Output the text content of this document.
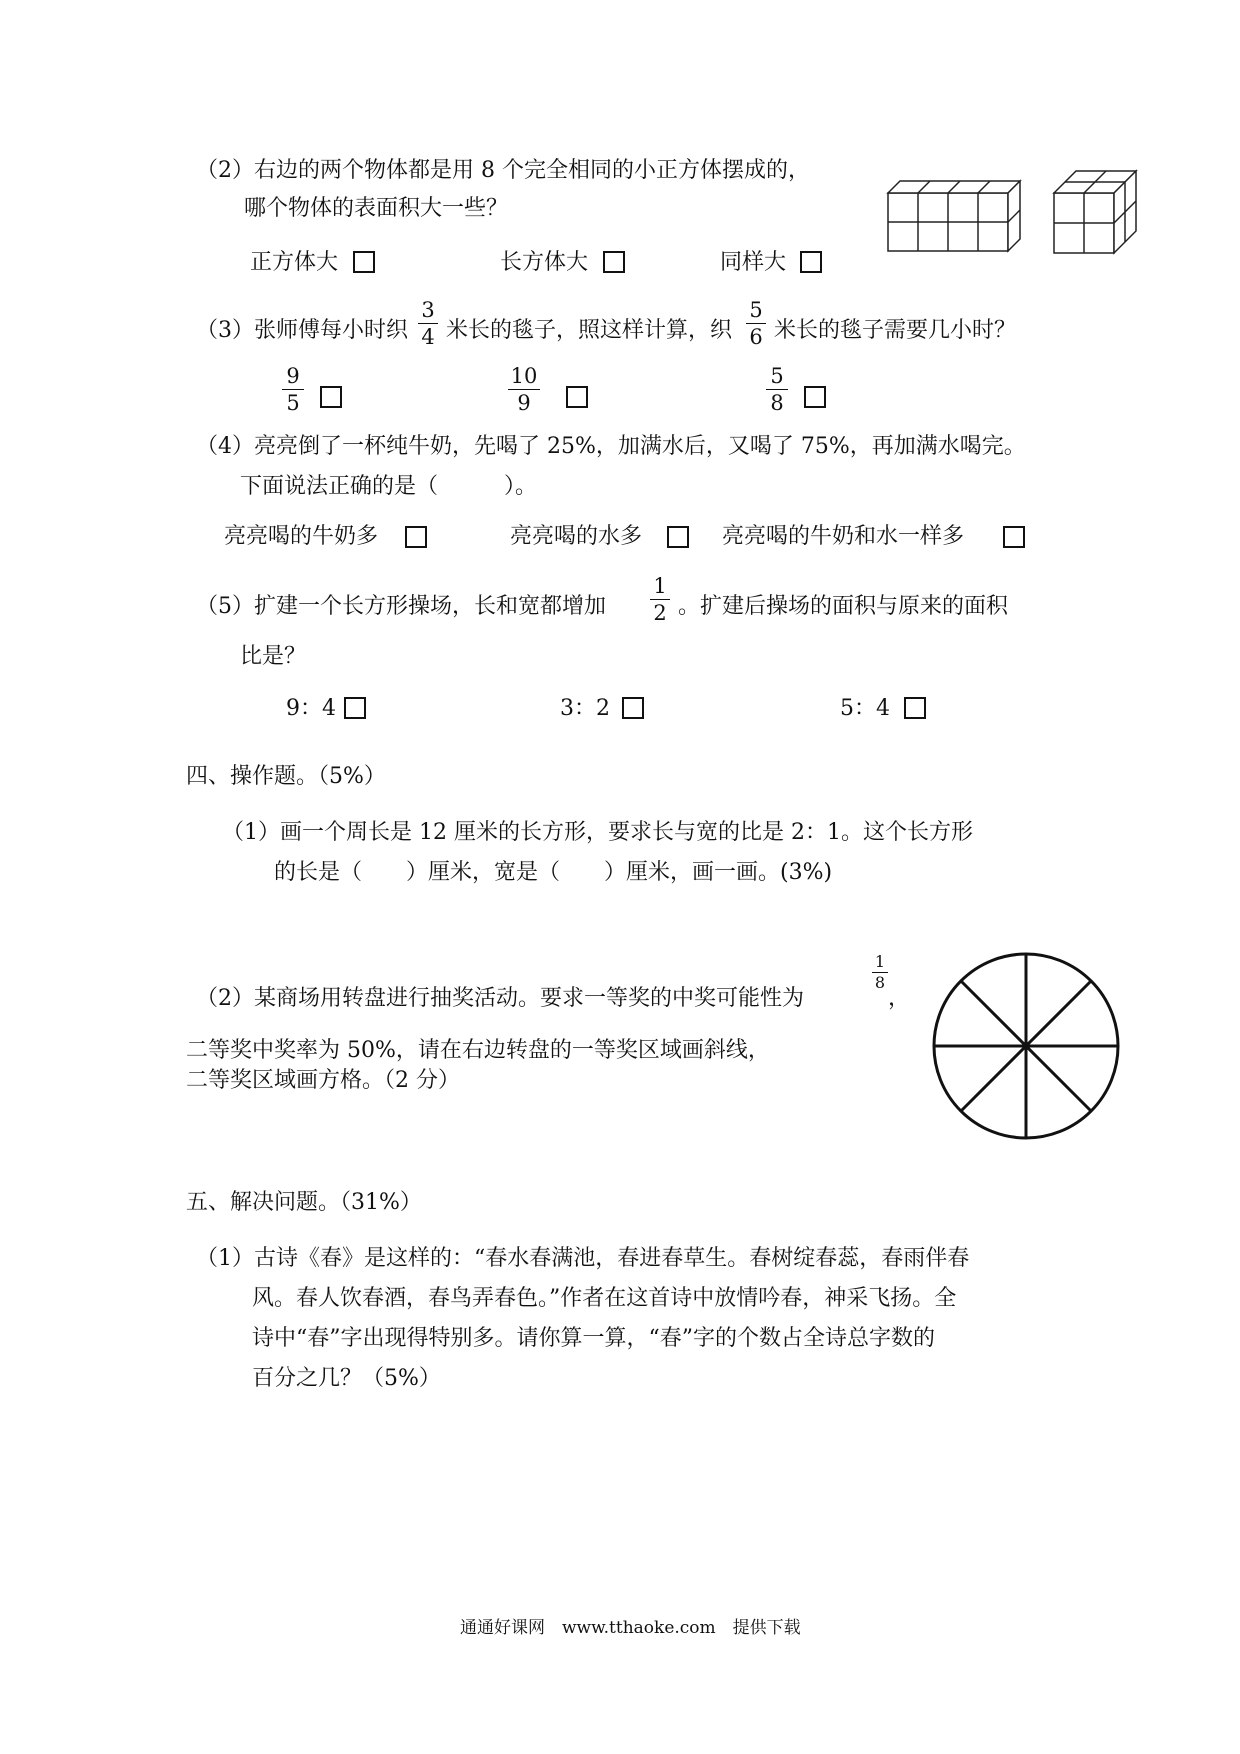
（2）右边的两个物体都是用 8 个完全相同的小正方体摆成的，
哪个物体的表面积大一些？
正方体大	长方体大	同样大
（3）张师傅每小时织 $\frac{3}{4}$ 米长的毯子，照这样计算，织 $\frac{5}{6}$ 米长的毯子需要几小时？
$\frac{9}{5}$	$\frac{10}{9}$	$\frac{5}{8}$
（4）亮亮倒了一杯纯牛奶，先喝了 25%，加满水后，又喝了 75%，再加满水喝完。
下面说法正确的是（　　　）。
亮亮喝的牛奶多	亮亮喝的水多	亮亮喝的牛奶和水一样多
（5）扩建一个长方形操场，长和宽都增加 $\frac{1}{2}$ 。扩建后操场的面积与原来的面积
比是？
9：4	3：2	5：4
四、操作题。（5%）
（1）画一个周长是 12 厘米的长方形，要求长与宽的比是 2：1。这个长方形
的长是（　　）厘米，宽是（　　）厘米，画一画。(3%)
（2）某商场用转盘进行抽奖活动。要求一等奖的中奖可能性为
$\frac{1}{8}$
，
二等奖中奖率为 50%，请在右边转盘的一等奖区域画斜线，
二等奖区域画方格。（2 分）
五、解决问题。（31%）
（1）古诗《春》是这样的：“春水春满池，春进春草生。春树绽春蕊，春雨伴春
风。春人饮春酒，春鸟弄春色。”作者在这首诗中放情吟春，神采飞扬。全
诗中“春”字出现得特别多。请你算一算，“春”字的个数占全诗总字数的
百分之几？（5%）
通通好课网　www.tthaoke.com　提供下载
